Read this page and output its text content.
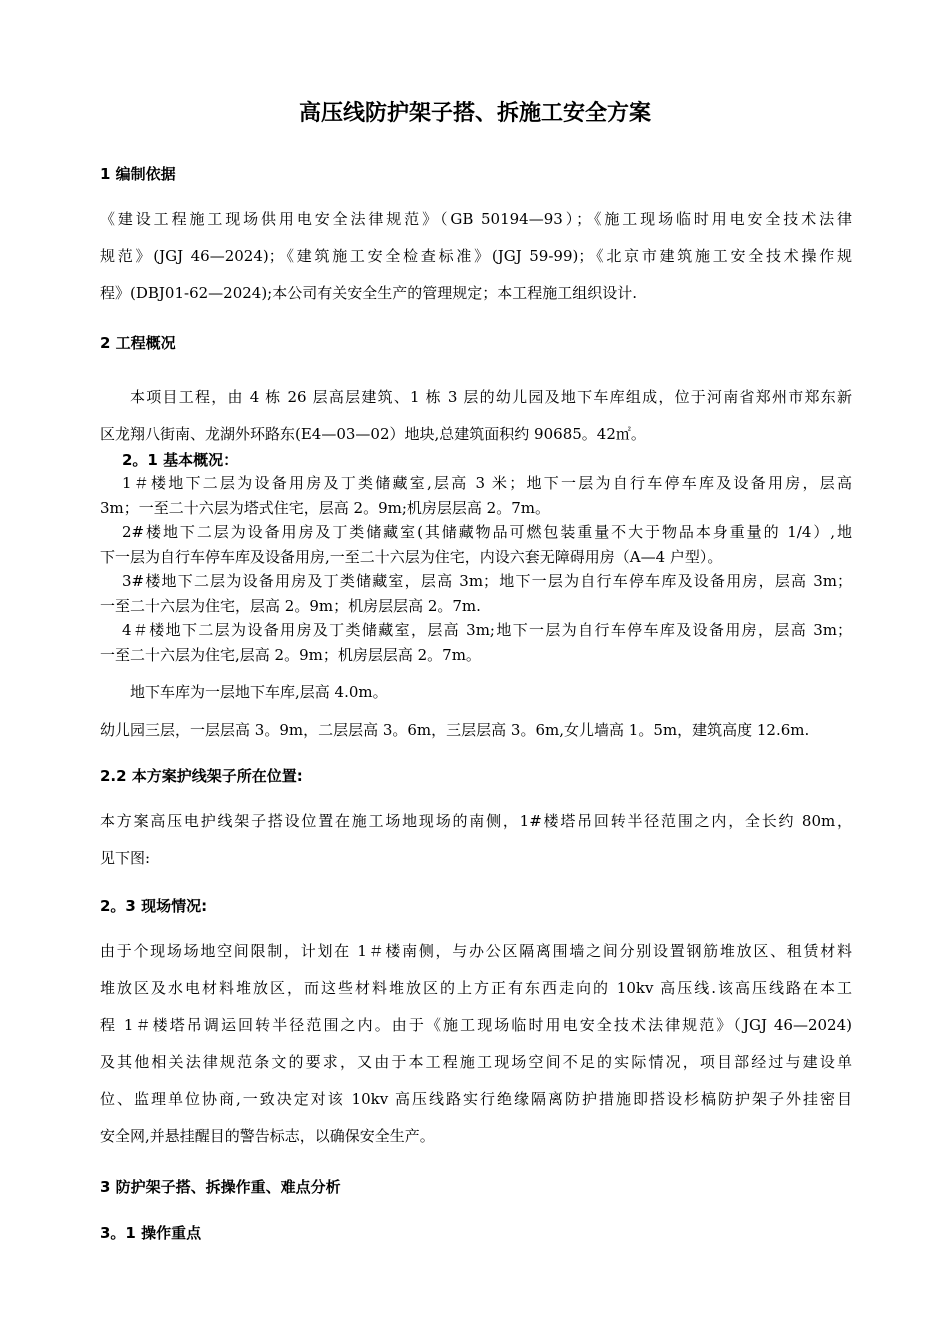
高压线防护架子搭、拆施工安全方案
1 编制依据
《建设工程施工现场供用电安全法律规范》（GB 50194—93）；《施工现场临时用电安全技术法律
规范》(JGJ 46—2024)；《建筑施工安全检查标准》(JGJ 59-99)；《北京市建筑施工安全技术操作规
程》(DBJ01-62—2024);本公司有关安全生产的管理规定；本工程施工组织设计.
2 工程概况
本项目工程，由 4 栋 26 层高层建筑、1 栋 3 层的幼儿园及地下车库组成，位于河南省郑州市郑东新
区龙翔八街南、龙湖外环路东(E4—03—02）地块,总建筑面积约 90685。42㎡。
2。1 基本概况：
1＃楼地下二层为设备用房及丁类储藏室,层高 3 米；地下一层为自行车停车库及设备用房，层高
3m；一至二十六层为塔式住宅，层高 2。9m;机房层层高 2。7m。
2#楼地下二层为设备用房及丁类储藏室(其储藏物品可燃包装重量不大于物品本身重量的 1/4）,地
下一层为自行车停车库及设备用房,一至二十六层为住宅，内设六套无障碍用房（A—4 户型）。
3#楼地下二层为设备用房及丁类储藏室，层高 3m；地下一层为自行车停车库及设备用房，层高 3m；
一至二十六层为住宅，层高 2。9m；机房层层高 2。7m.
4＃楼地下二层为设备用房及丁类储藏室，层高 3m;地下一层为自行车停车库及设备用房，层高 3m；
一至二十六层为住宅,层高 2。9m；机房层层高 2。7m。

地下车库为一层地下车库,层高 4.0m。

幼儿园三层，一层层高 3。9m，二层层高 3。6m，三层层高 3。6m,女儿墙高 1。5m，建筑高度 12.6m.

2.2 本方案护线架子所在位置:
本方案高压电护线架子搭设位置在施工场地现场的南侧，1#楼塔吊回转半径范围之内，全长约 80m，
见下图:
2。3 现场情况:
由于个现场场地空间限制，计划在 1＃楼南侧，与办公区隔离围墙之间分别设置钢筋堆放区、租赁材料
堆放区及水电材料堆放区，而这些材料堆放区的上方正有东西走向的 10kv 高压线.该高压线路在本工
程 1＃楼塔吊调运回转半径范围之内。由于《施工现场临时用电安全技术法律规范》（JGJ 46—2024)
及其他相关法律规范条文的要求，又由于本工程施工现场空间不足的实际情况，项目部经过与建设单
位、监理单位协商,一致决定对该 10kv 高压线路实行绝缘隔离防护措施即搭设杉槁防护架子外挂密目
安全网,并悬挂醒目的警告标志，以确保安全生产。
3 防护架子搭、拆操作重、难点分析
3。1 操作重点
